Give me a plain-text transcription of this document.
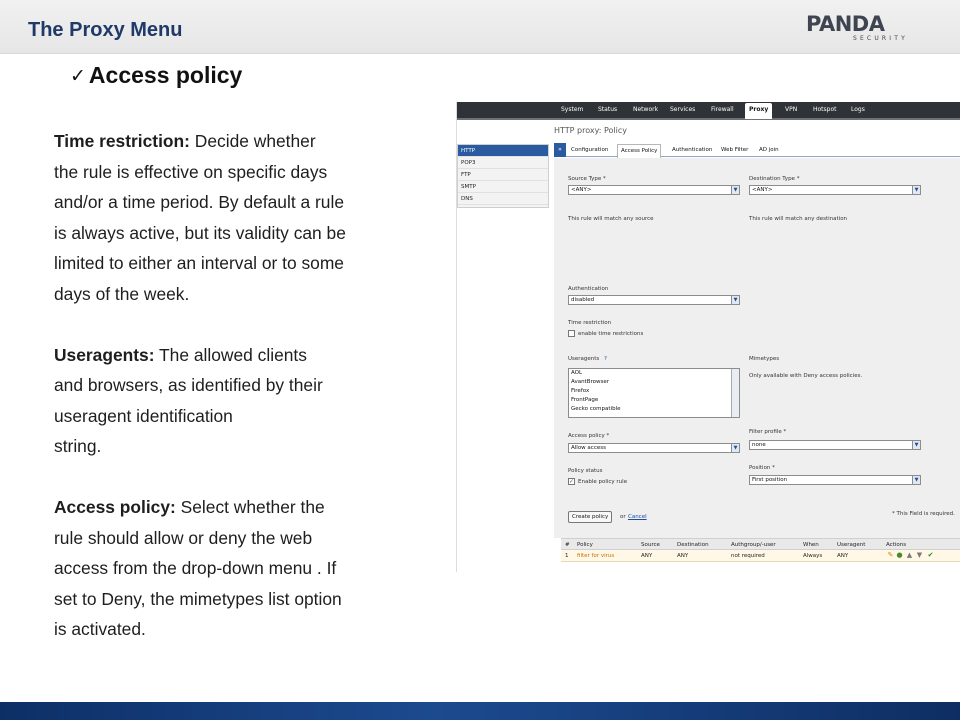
The Proxy Menu	PANDA
SECURITY
✓ Access policy
Time restriction: Decide whether
the rule is effective on specific days
and/or a time period. By default a rule
is always active, but its validity can be
limited to either an interval or to some
days of the week.
Useragents: The allowed clients
and browsers, as identified by their
useragent identification
string.
Access policy: Select whether the
rule should allow or deny the web
access from the drop-down menu . If
set to Deny, the mimetypes list option
is activated.
System Status	Network Services	Firewall	Proxy	VPN	Hotspot Logs
HTTP proxy: Policy
HTTP
POP3
FTP
SMTP
DNS
»	Configuration	Access Policy	Authentication Web Filter AD join
Source Type *
<ANY>	▼
Destination Type *
<ANY>	▼
This rule will match any source	This rule will match any destination
Authentication
disabled	▼
Time restriction
enable time restrictions
Useragents ?
AOL
AvantBrowser
Firefox
FrontPage
Gecko compatible
Mimetypes
Only available with Deny access policies.
Access policy *
Allow access	▼
Filter profile *
none	▼
Policy status
✓ Enable policy rule
Position *
First position	▼
Create policy	or Cancel	* This Field is required.
# Policy	Source	Destination	Authgroup/-user	When	Useragent	Actions
1 filter for virus	ANY	ANY	not required	Always	ANY	✎ ● ▲ ▼ ✔
